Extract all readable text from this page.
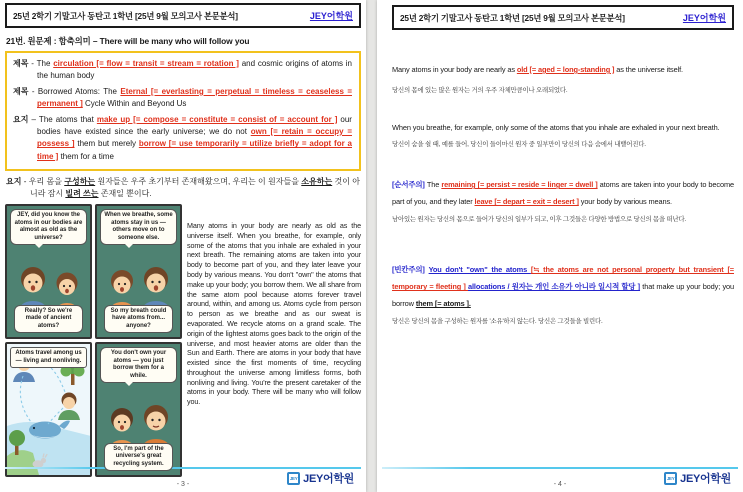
25년 2학기 기말고사 동탄고 1학년 [25년 9월 모의고사 본문분석]	JEY어학원
21번. 원문제 : 함축의미 – There will be many who will follow you

제목 - The circulation [= flow = transit = stream = rotation ] and cosmic origins of atoms in the human body

제목 - Borrowed Atoms: The Eternal [= everlasting = perpetual = timeless = ceaseless = permanent ] Cycle Within and Beyond Us

요지 – The atoms that make up [= compose = constitute = consist of = account for ] our bodies have existed since the early universe; we do not own [= retain = occupy = possess ] them but merely borrow [= use temporarily = utilize briefly = adopt for a time ] them for a time

요지 - 우리 몸을 구성하는 원자들은 우주 초기부터 존재해왔으며, 우리는 이 원자들을 소유하는 것이 아니라 잠시 빌려 쓰는 존재일 뿐이다.
JEY, did you know the atoms in our bodies are almost as old as the universe?
Really? So we're made of ancient atoms?
When we breathe, some atoms stay in us — others move on to someone else.
So my breath could have atoms from... anyone?
Atoms travel among us — living and nonliving.
You don't own your atoms — you just borrow them for a while.
So, I'm part of the universe's great recycling system.
Many atoms in your body are nearly as old as the universe itself. When you breathe, for example, only some of the atoms that you inhale are exhaled in your next breath. The remaining atoms are taken into your body to become part of you, and they later leave your body by various means. You don't "own" the atoms that make up your body; you borrow them. We all share from the same atom pool because atoms forever travel around, within, and among us. Atoms cycle from person to person as we breathe and as our sweat is evaporated. We recycle atoms on a grand scale. The origin of the lightest atoms goes back to the origin of the universe, and most heavier atoms are older than the Sun and Earth. There are atoms in your body that have existed since the first moments of time, recycling throughout the universe among limitless forms, both nonliving and living. You're the present caretaker of the atoms in your body. There will be many who will follow you.
- 3 -
JEY JEY어학원
25년 2학기 기말고사 동탄고 1학년 [25년 9월 모의고사 본문분석]	JEY어학원
Many atoms in your body are nearly as old [= aged = long-standing ] as the universe itself.
당신의 몸에 있는 많은 원자는 거의 우주 자체만큼이나 오래되었다.
When you breathe, for example, only some of the atoms that you inhale are exhaled in your next breath.
당신이 숨을 쉴 때, 예를 들어, 당신이 들이마신 원자 중 일부만이 당신의 다음 숨에서 내뱉어진다.
[순서주의] The remaining [= persist = reside = linger = dwell ] atoms are taken into your body to become part of you, and they later leave [= depart = exit = desert ] your body by various means.
남아있는 원자는 당신의 몸으로 들어가 당신의 일부가 되고, 이후 그것들은 다양한 방법으로 당신의 몸을 떠난다.
[빈칸주의] You don't "own" the atoms [≒ the atoms are not personal property but transient [= temporary = fleeting ] allocations / 원자는 개인 소유가 아니라 일시적 할당 ] that make up your body; you borrow them [= atoms ].
당신은 당신의 몸을 구성하는 원자를 '소유'하지 않는다. 당신은 그것들을 빌린다.
- 4 -
JEY JEY어학원
